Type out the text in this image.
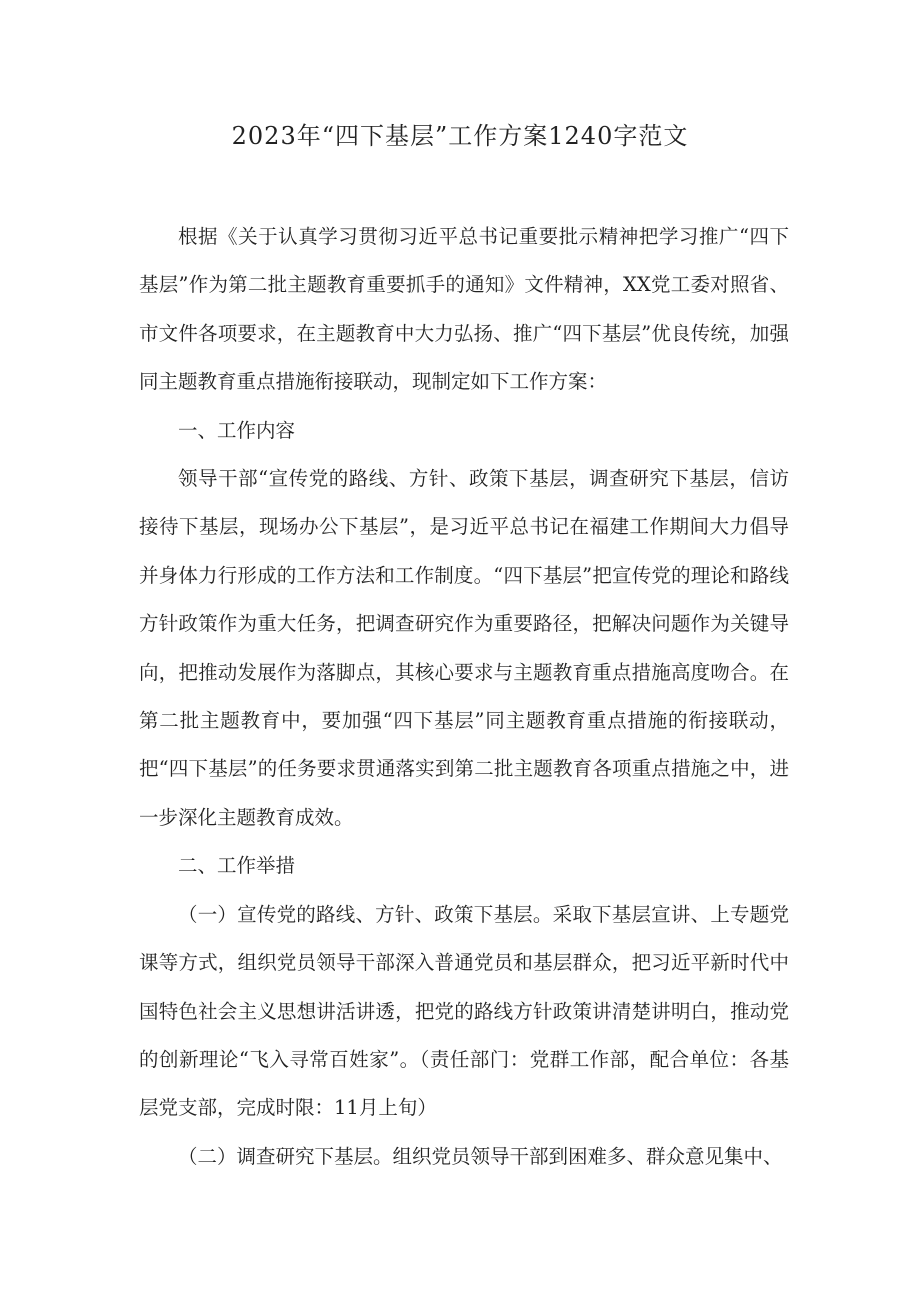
2023年“四下基层”工作方案1240字范文

根据《关于认真学习贯彻习近平总书记重要批示精神把学习推广“四下基层”作为第二批主题教育重要抓手的通知》文件精神，XX党工委对照省、市文件各项要求，在主题教育中大力弘扬、推广“四下基层”优良传统，加强同主题教育重点措施衔接联动，现制定如下工作方案：

一、工作内容

领导干部“宣传党的路线、方针、政策下基层，调查研究下基层，信访接待下基层，现场办公下基层”，是习近平总书记在福建工作期间大力倡导并身体力行形成的工作方法和工作制度。“四下基层”把宣传党的理论和路线方针政策作为重大任务，把调查研究作为重要路径，把解决问题作为关键导向，把推动发展作为落脚点，其核心要求与主题教育重点措施高度吻合。在第二批主题教育中，要加强“四下基层”同主题教育重点措施的衔接联动，把“四下基层”的任务要求贯通落实到第二批主题教育各项重点措施之中，进一步深化主题教育成效。

二、工作举措

（一）宣传党的路线、方针、政策下基层。采取下基层宣讲、上专题党课等方式，组织党员领导干部深入普通党员和基层群众，把习近平新时代中国特色社会主义思想讲活讲透，把党的路线方针政策讲清楚讲明白，推动党的创新理论“飞入寻常百姓家”。（责任部门：党群工作部，配合单位：各基层党支部，完成时限：11月上旬）

（二）调查研究下基层。组织党员领导干部到困难多、群众意见集中、
